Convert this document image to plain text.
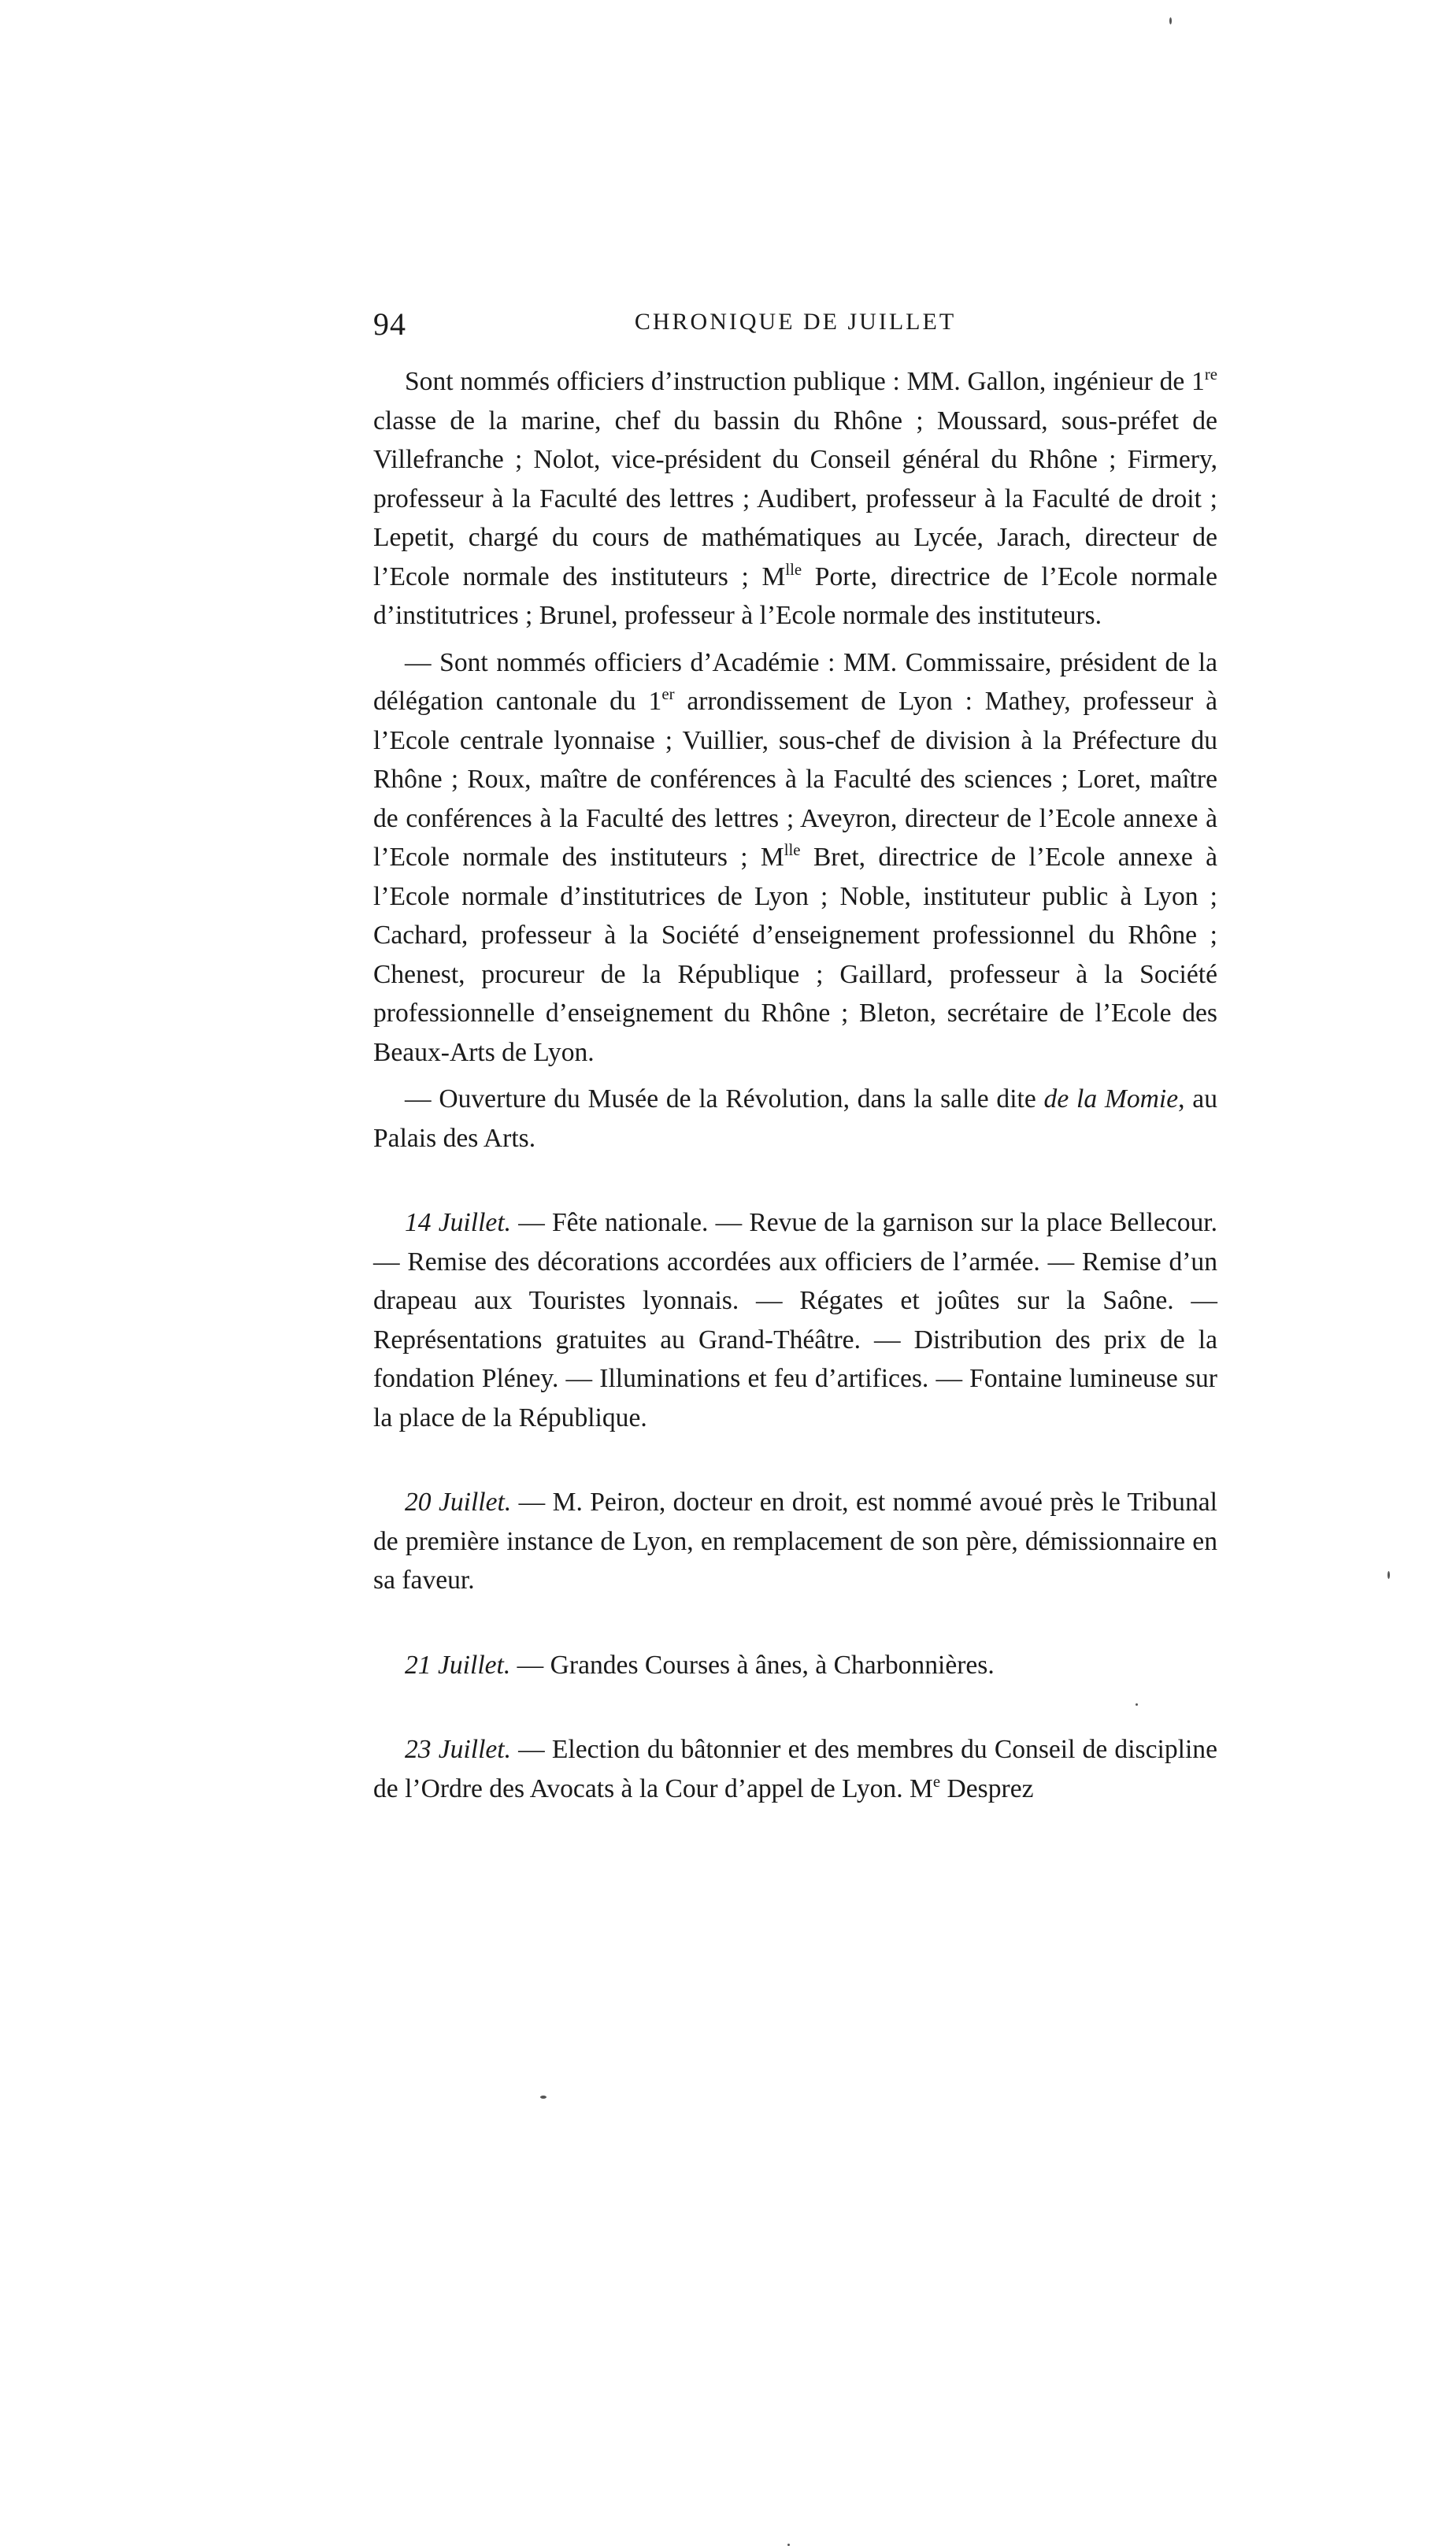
94	CHRONIQUE DE JUILLET

Sont nommés officiers d’instruction publique : MM. Gallon, ingénieur de 1re classe de la marine, chef du bassin du Rhône ; Moussard, sous-préfet de Villefranche ; Nolot, vice-président du Conseil général du Rhône ; Firmery, professeur à la Faculté des lettres ; Audibert, professeur à la Faculté de droit ; Lepetit, chargé du cours de mathématiques au Lycée, Jarach, directeur de l’Ecole normale des instituteurs ; $M^{lle}$ Porte, directrice de l’Ecole normale d’institutrices ; Brunel, professeur à l’Ecole normale des instituteurs.

— Sont nommés officiers d’Académie : MM. Commissaire, président de la délégation cantonale du 1er arrondissement de Lyon : Mathey, professeur à l’Ecole centrale lyonnaise ; Vuillier, sous-chef de division à la Préfecture du Rhône ; Roux, maître de conférences à la Faculté des sciences ; Loret, maître de conférences à la Faculté des lettres ; Aveyron, directeur de l’Ecole annexe à l’Ecole normale des instituteurs ; $M^{lle}$ Bret, directrice de l’Ecole annexe à l’Ecole normale d’institutrices de Lyon ; Noble, instituteur public à Lyon ; Cachard, professeur à la Société d’enseignement professionnel du Rhône ; Chenest, procureur de la République ; Gaillard, professeur à la Société professionnelle d’enseignement du Rhône ; Bleton, secrétaire de l’Ecole des Beaux-Arts de Lyon.

— Ouverture du Musée de la Révolution, dans la salle dite de la Momie, au Palais des Arts.

14 Juillet. — Fête nationale. — Revue de la garnison sur la place Bellecour. — Remise des décorations accordées aux officiers de l’armée. — Remise d’un drapeau aux Touristes lyonnais. — Régates et joûtes sur la Saône. — Représentations gratuites au Grand-Théâtre. — Distribution des prix de la fondation Pléney. — Illuminations et feu d’artifices. — Fontaine lumineuse sur la place de la République.

20 Juillet. — M. Peiron, docteur en droit, est nommé avoué près le Tribunal de première instance de Lyon, en remplacement de son père, démissionnaire en sa faveur.

21 Juillet. — Grandes Courses à ânes, à Charbonnières.

23 Juillet. — Election du bâtonnier et des membres du Conseil de discipline de l’Ordre des Avocats à la Cour d’appel de Lyon. Me Desprez
